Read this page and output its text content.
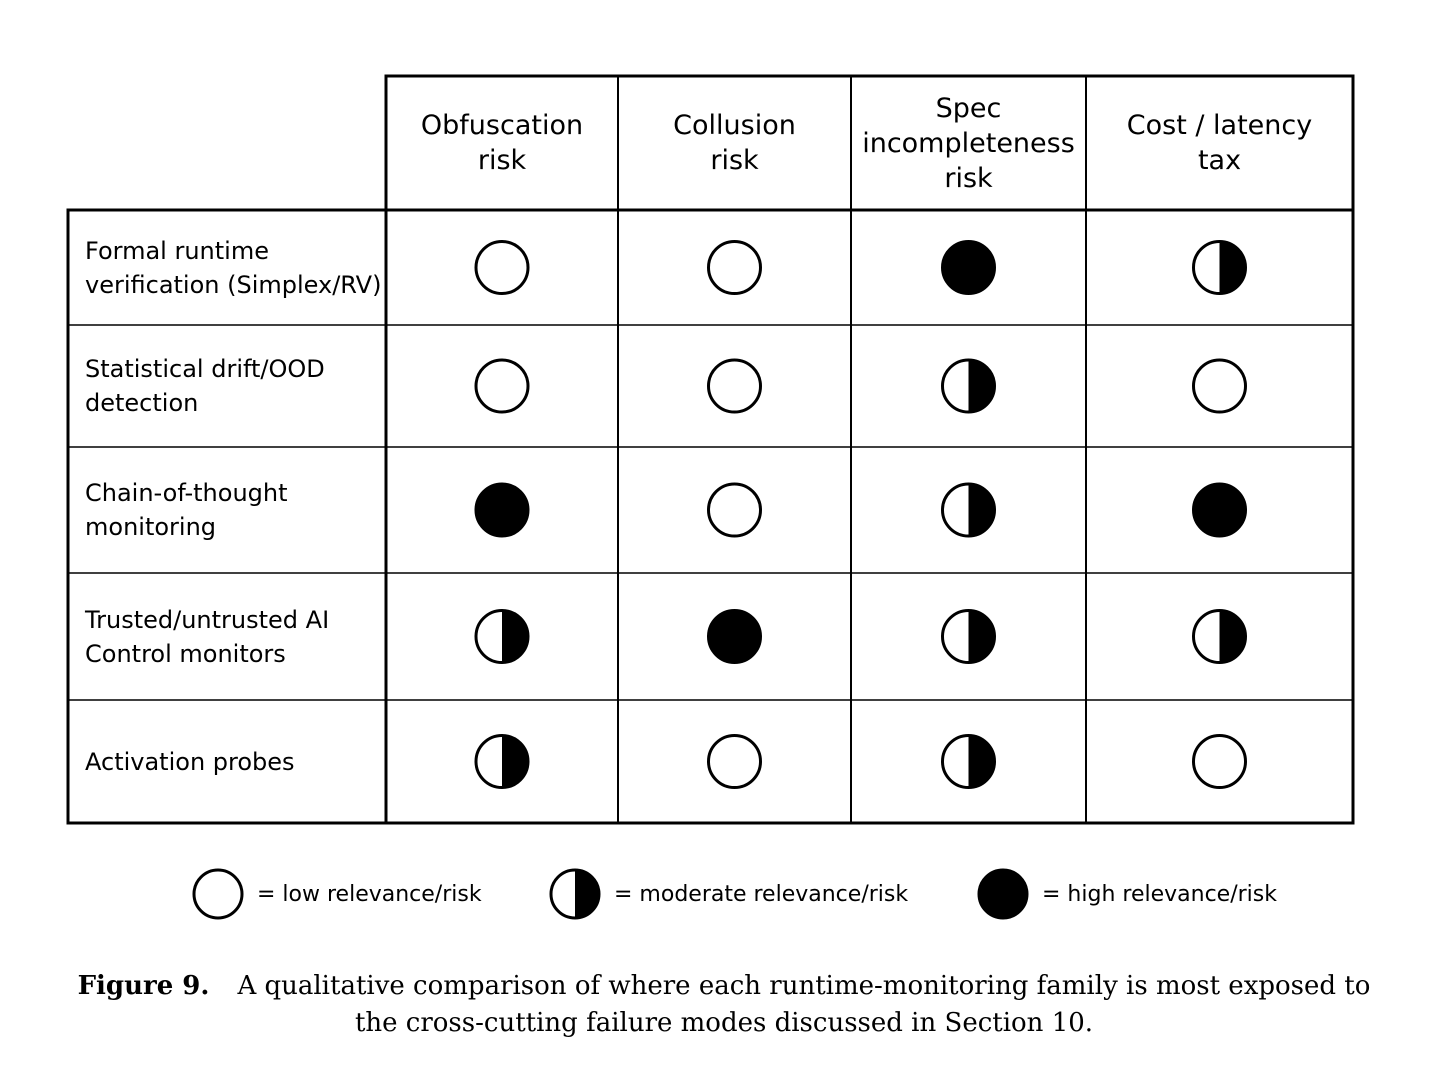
Obfuscation
risk
Collusion
risk
Spec
incompleteness
risk
Cost / latency
tax
Formal runtime
verification (Simplex/RV)
Statistical drift/OOD
detection
Chain-of-thought
monitoring
Trusted/untrusted AI
Control monitors
Activation probes
= low relevance/risk	= moderate relevance/risk	= high relevance/risk
Figure 9. A qualitative comparison of where each runtime-monitoring family is most exposed to the cross-cutting failure modes discussed in Section 10.
